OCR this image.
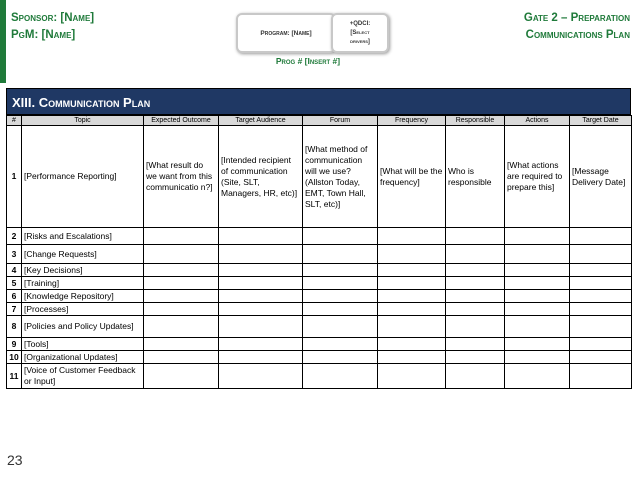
Sponsor: [Name]
PgM: [Name]	Program: [Name]
+QDCI:
[Select
drivers]
Prog # [Insert #]
Gate 2 – Preparation
Communications Plan
XIII. Communication Plan
#	Topic	Expected Outcome	Target Audience	Forum	Frequency	Responsible	Actions	Target Date
1	[Performance Reporting]	[What result do we want from this communicatio n?]	[Intended recipient of communication (Site, SLT, Managers, HR, etc)]	[What method of communication will we use? (Allston Today, EMT, Town Hall, SLT, etc)]	[What will be the frequency]	Who is responsible	[What actions are required to prepare this]	[Message Delivery Date]
2	[Risks and Escalations]							
3	[Change Requests]							
4	[Key Decisions]							
5	[Training]							
6	[Knowledge Repository]							
7	[Processes]							
8	[Policies and Policy Updates]							
9	[Tools]							
10	[Organizational Updates]							
11	[Voice of Customer Feedback or Input]							
23
